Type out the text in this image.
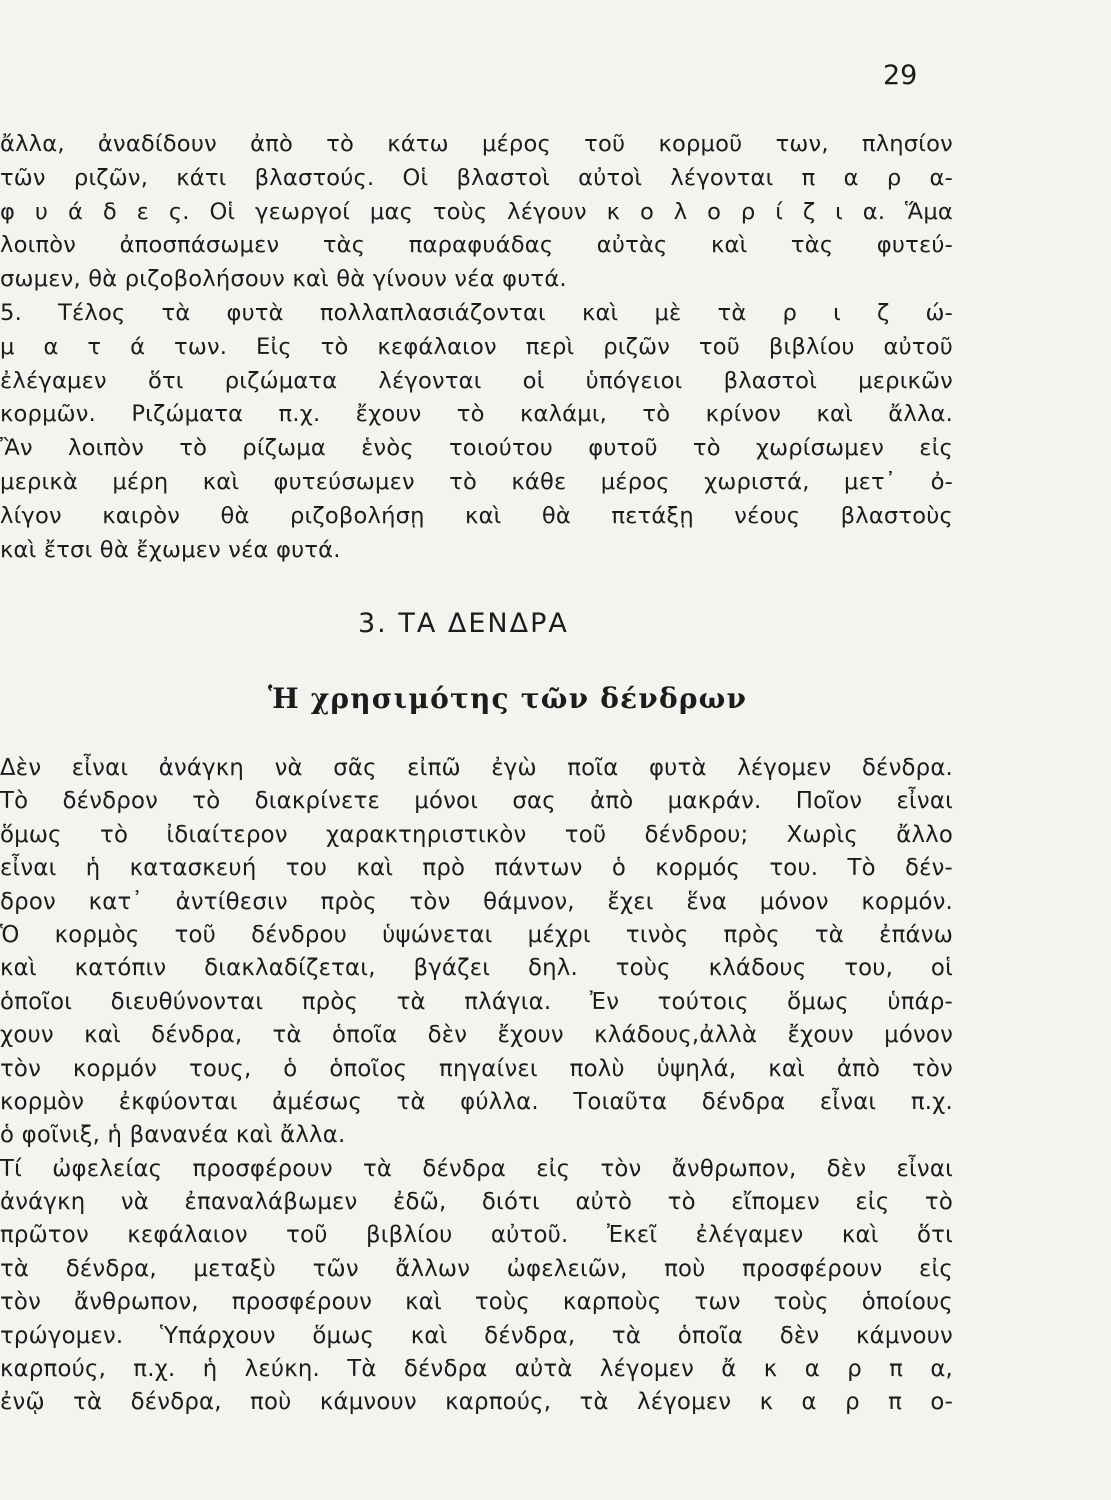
29
ἄλλα, ἀναδίδουν ἀπὸ τὸ κάτω μέρος τοῦ κορμοῦ των, πλησίον
τῶν ριζῶν, κάτι βλαστούς. Οἱ βλαστοὶ αὐτοὶ λέγονται π α ρ α-
φ υ ά δ ε ς. Οἱ γεωργοί μας τοὺς λέγουν κ ο λ ο ρ ί ζ ι α. Ἅμα
λοιπὸν ἀποσπάσωμεν τὰς παραφυάδας αὐτὰς καὶ τὰς φυτεύ-
σωμεν, θὰ ριζοβολήσουν καὶ θὰ γίνουν νέα φυτά.
5. Τέλος τὰ φυτὰ πολλαπλασιάζονται καὶ μὲ τὰ ρ ι ζ ώ-
μ α τ ά των. Εἰς τὸ κεφάλαιον περὶ ριζῶν τοῦ βιβλίου αὐτοῦ
ἐλέγαμεν ὅτι ριζώματα λέγονται οἱ ὑπόγειοι βλαστοὶ μερικῶν
κορμῶν. Ριζώματα π.χ. ἔχουν τὸ καλάμι, τὸ κρίνον καὶ ἄλλα.
Ἂν λοιπὸν τὸ ρίζωμα ἑνὸς τοιούτου φυτοῦ τὸ χωρίσωμεν εἰς
μερικὰ μέρη καὶ φυτεύσωμεν τὸ κάθε μέρος χωριστά, μετ᾿ ὀ-
λίγον καιρὸν θὰ ριζοβολήσῃ καὶ θὰ πετάξῃ νέους βλαστοὺς
καὶ ἔτσι θὰ ἔχωμεν νέα φυτά.
3. ΤΑ ΔΕΝΔΡΑ
Ἡ χρησιμότης τῶν δένδρων
Δὲν εἶναι ἀνάγκη νὰ σᾶς εἰπῶ ἐγὼ ποῖα φυτὰ λέγομεν δένδρα.
Τὸ δένδρον τὸ διακρίνετε μόνοι σας ἀπὸ μακράν. Ποῖον εἶναι
ὅμως τὸ ἰδιαίτερον χαρακτηριστικὸν τοῦ δένδρου; Χωρὶς ἄλλο
εἶναι ἡ κατασκευή του καὶ πρὸ πάντων ὁ κορμός του. Τὸ δέν-
δρον κατ᾿ ἀντίθεσιν πρὸς τὸν θάμνον, ἔχει ἕνα μόνον κορμόν.
Ὁ κορμὸς τοῦ δένδρου ὑψώνεται μέχρι τινὸς πρὸς τὰ ἐπάνω
καὶ κατόπιν διακλαδίζεται, βγάζει δηλ. τοὺς κλάδους του, οἱ
ὁποῖοι διευθύνονται πρὸς τὰ πλάγια. Ἐν τούτοις ὅμως ὑπάρ-
χουν καὶ δένδρα, τὰ ὁποῖα δὲν ἔχουν κλάδους,ἀλλὰ ἔχουν μόνον
τὸν κορμόν τους, ὁ ὁποῖος πηγαίνει πολὺ ὑψηλά, καὶ ἀπὸ τὸν
κορμὸν ἐκφύονται ἀμέσως τὰ φύλλα. Τοιαῦτα δένδρα εἶναι π.χ.
ὁ φοῖνιξ, ἡ βανανέα καὶ ἄλλα.
Τί ὠφελείας προσφέρουν τὰ δένδρα εἰς τὸν ἄνθρωπον, δὲν εἶναι
ἀνάγκη νὰ ἐπαναλάβωμεν ἐδῶ, διότι αὐτὸ τὸ εἴπομεν εἰς τὸ
πρῶτον κεφάλαιον τοῦ βιβλίου αὐτοῦ. Ἐκεῖ ἐλέγαμεν καὶ ὅτι
τὰ δένδρα, μεταξὺ τῶν ἄλλων ὠφελειῶν, ποὺ προσφέρουν εἰς
τὸν ἄνθρωπον, προσφέρουν καὶ τοὺς καρποὺς των τοὺς ὁποίους
τρώγομεν. Ὑπάρχουν ὅμως καὶ δένδρα, τὰ ὁποῖα δὲν κάμνουν
καρπούς, π.χ. ἡ λεύκη. Τὰ δένδρα αὐτὰ λέγομεν ἄ κ α ρ π α,
ἐνῷ τὰ δένδρα, ποὺ κάμνουν καρπούς, τὰ λέγομεν κ α ρ π ο-
